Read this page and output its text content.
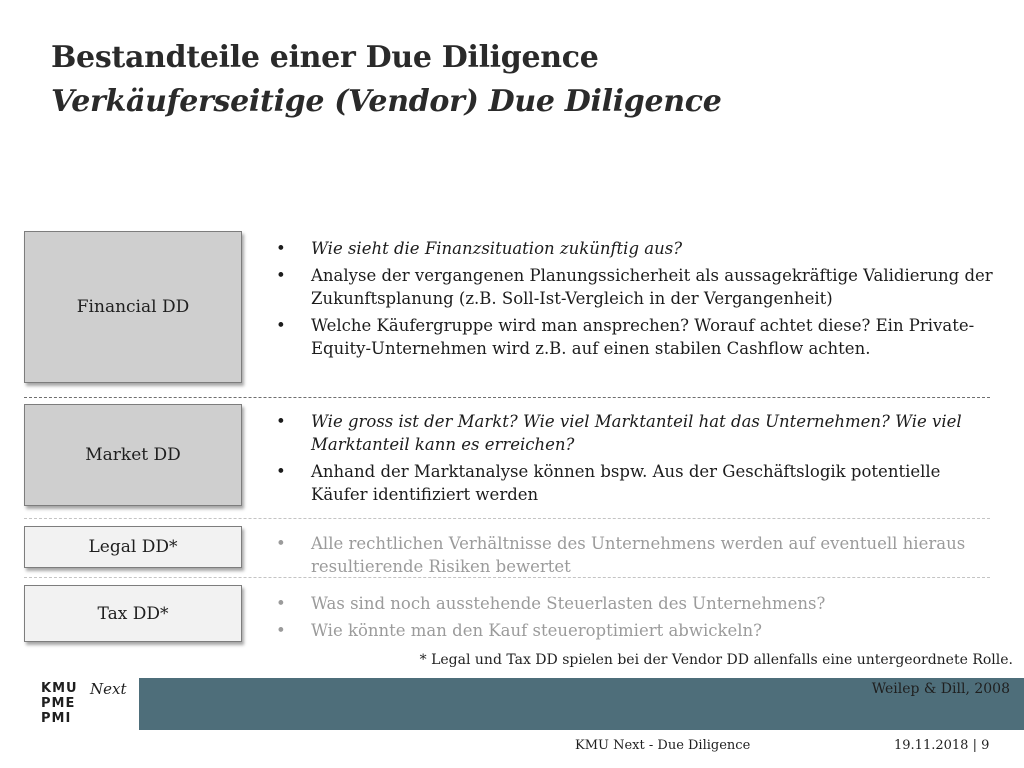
Bestandteile einer Due Diligence
Verkäuferseitige (Vendor) Due Diligence
Financial DD
Market DD
Legal DD*
Tax DD*
• Wie sieht die Finanzsituation zukünftig aus?
• Analyse der vergangenen Planungssicherheit als aussagekräftige Validierung der Zukunftsplanung (z.B. Soll-Ist-Vergleich in der Vergangenheit)
• Welche Käufergruppe wird man ansprechen? Worauf achtet diese? Ein Private-Equity-Unternehmen wird z.B. auf einen stabilen Cashflow achten.
• Wie gross ist der Markt? Wie viel Marktanteil hat das Unternehmen? Wie viel Marktanteil kann es erreichen?
• Anhand der Marktanalyse können bspw. Aus der Geschäftslogik potentielle Käufer identifiziert werden
• Alle rechtlichen Verhältnisse des Unternehmens werden auf eventuell hieraus resultierende Risiken bewertet
• Was sind noch ausstehende Steuerlasten des Unternehmens?
• Wie könnte man den Kauf steueroptimiert abwickeln?
* Legal und Tax DD spielen bei der Vendor DD allenfalls eine untergeordnete Rolle.
KMU
PME
PMI
Next	Weilep & Dill, 2008
KMU Next - Due Diligence	19.11.2018 | 9
